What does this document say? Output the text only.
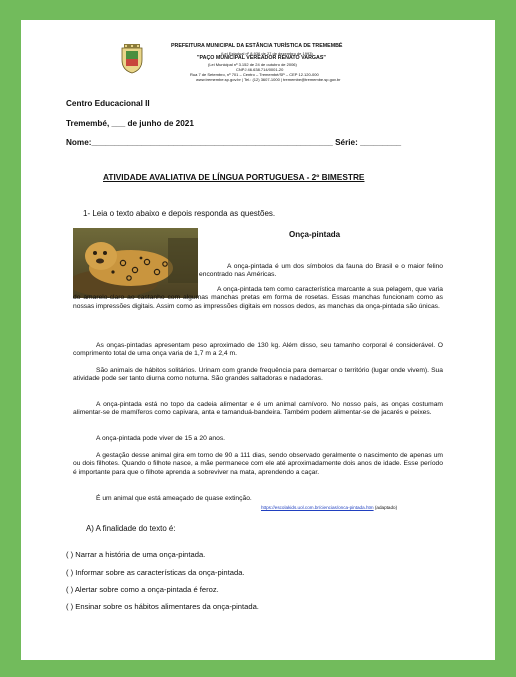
PREFEITURA MUNICIPAL DA ESTÂNCIA TURÍSTICA DE TREMEMBÉ
(Lei Estadual nº 8.936 de 27 de dezembro de 1993)
"PAÇO MUNICIPAL VEREADOR RENATO VARGAS"
(Lei Municipal nº 3.152 de 24 de outubro de 2006)
CNPJ 46.638.714/0001-20
Rua 7 de Setembro, nº 701 – Centro – Tremembé/SP – CEP 12.120-000
www.tremembe.sp.gov.br | Tel.: (12) 3607-1000 | tremembe@tremembe.sp.gov.br
Centro Educacional II
Tremembé, ___ de junho de 2021
Nome:_____________________________________________________ Série: _________
ATIVIDADE AVALIATIVA DE LÍNGUA PORTUGUESA - 2º BIMESTRE
1- Leia o texto abaixo e depois responda as questões.
Onça-pintada
A onça-pintada é um dos símbolos da fauna do Brasil e o maior felino encontrado nas Américas.
A onça-pintada tem como característica marcante a sua pelagem, que varia do amarelo-claro ao castanho com algumas manchas pretas em forma de rosetas. Essas manchas funcionam como as nossas impressões digitais. Assim como as impressões digitais em nossos dedos, as manchas da onça-pintada são únicas.
As onças-pintadas apresentam peso aproximado de 130 kg. Além disso, seu tamanho corporal é considerável. O comprimento total de uma onça varia de 1,7 m a 2,4 m.
São animais de hábitos solitários. Urinam com grande frequência para demarcar o território (lugar onde vivem). Sua atividade pode ser tanto diurna como noturna. São grandes saltadoras e nadadoras.
A onça-pintada está no topo da cadeia alimentar e é um animal carnívoro. No nosso país, as onças costumam alimentar-se de mamíferos como capivara, anta e tamanduá-bandeira. Também podem alimentar-se de jacarés e peixes.
A onça-pintada pode viver de 15 a 20 anos.
A gestação desse animal gira em torno de 90 a 111 dias, sendo observado geralmente o nascimento de apenas um ou dois filhotes. Quando o filhote nasce, a mãe permanece com ele até aproximadamente dois anos de idade. Esse período é importante para que o filhote aprenda a sobreviver na mata, aprendendo a caçar.
É um animal que está ameaçado de quase extinção.
https://escolakids.uol.com.br/ciencias/onca-pintada.htm (adaptado)
A) A finalidade do texto é:
( ) Narrar a história de uma onça-pintada.
( ) Informar sobre as características da onça-pintada.
( ) Alertar sobre como a onça-pintada é feroz.
( ) Ensinar sobre os hábitos alimentares da onça-pintada.
